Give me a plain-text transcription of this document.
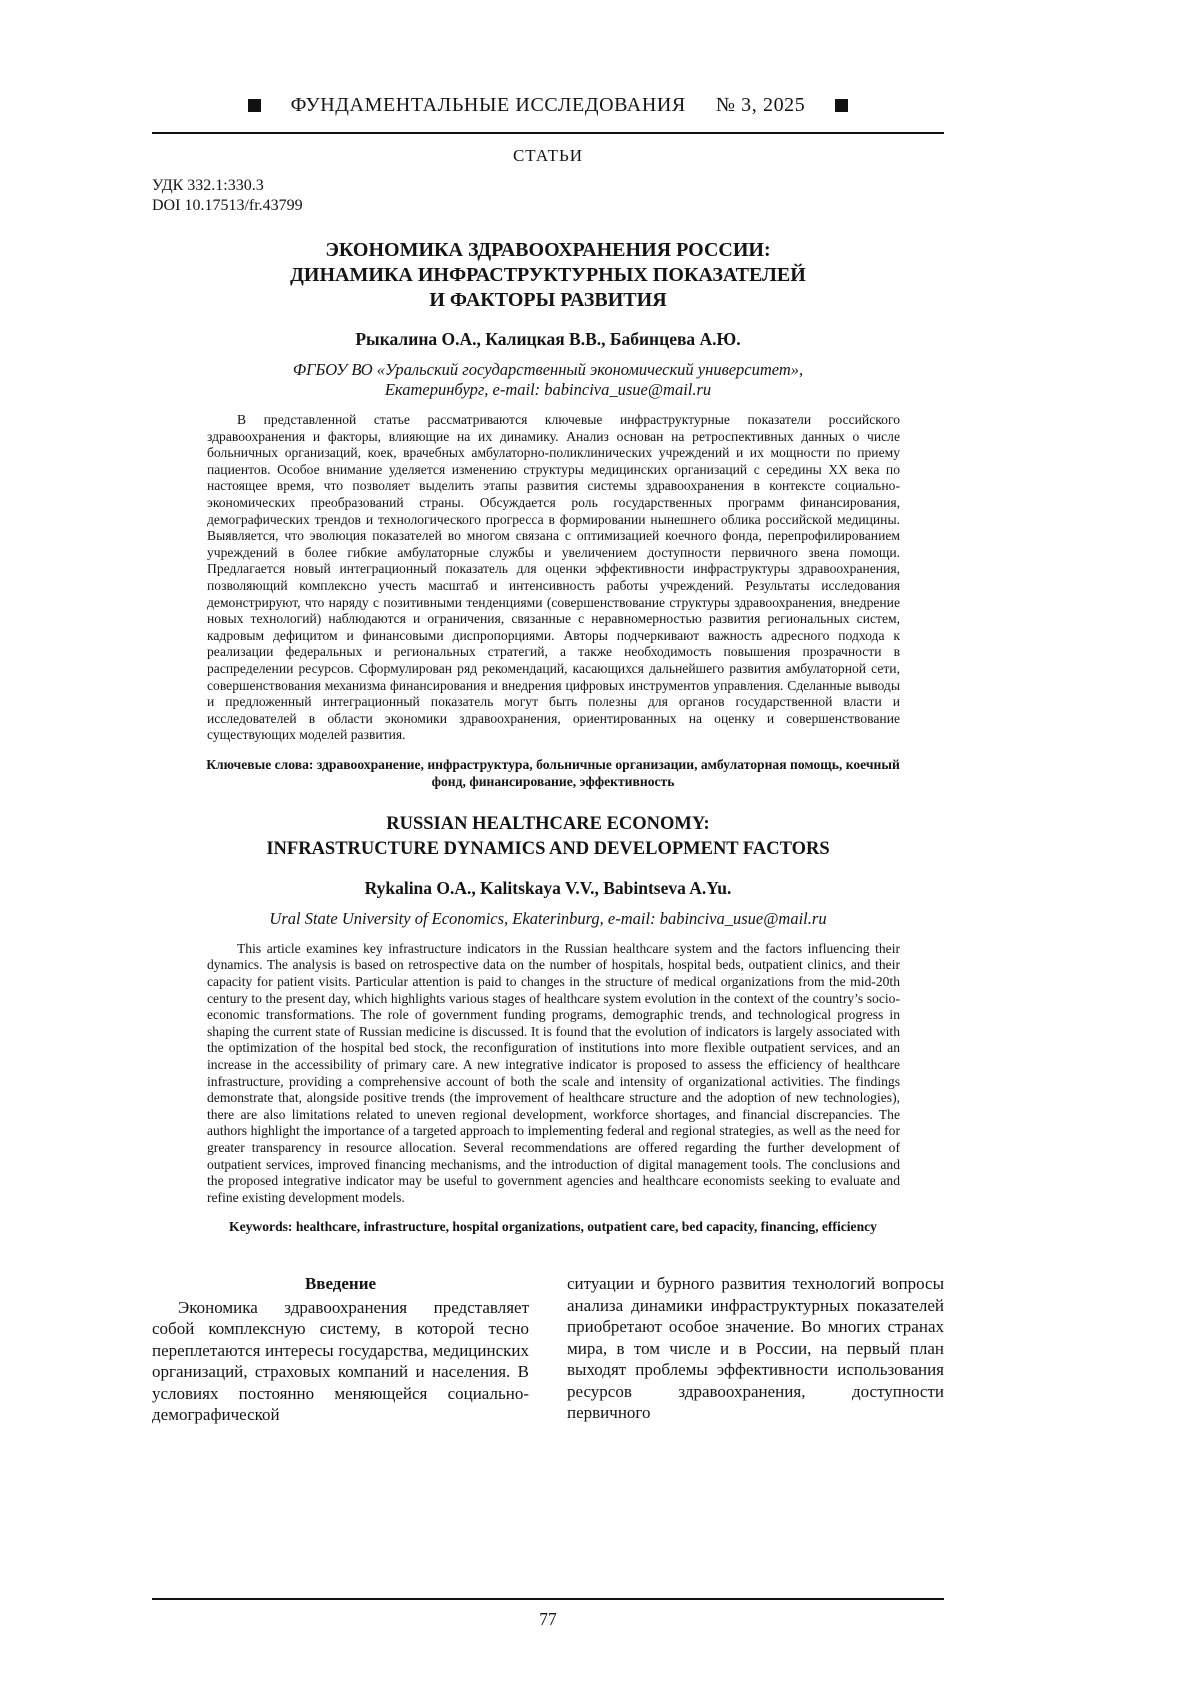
ФУНДАМЕНТАЛЬНЫЕ ИССЛЕДОВАНИЯ № 3, 2025
СТАТЬИ
УДК 332.1:330.3
DOI 10.17513/fr.43799
ЭКОНОМИКА ЗДРАВООХРАНЕНИЯ РОССИИ:
ДИНАМИКА ИНФРАСТРУКТУРНЫХ ПОКАЗАТЕЛЕЙ
И ФАКТОРЫ РАЗВИТИЯ
Рыкалина О.А., Калицкая В.В., Бабинцева А.Ю.
ФГБОУ ВО «Уральский государственный экономический университет»,
Екатеринбург, e-mail: babinciva_usue@mail.ru

В представленной статье рассматриваются ключевые инфраструктурные показатели российского здравоохранения и факторы, влияющие на их динамику. Анализ основан на ретроспективных данных о числе больничных организаций, коек, врачебных амбулаторно-поликлинических учреждений и их мощности по приему пациентов. Особое внимание уделяется изменению структуры медицинских организаций с середины XX века по настоящее время, что позволяет выделить этапы развития системы здравоохранения в контексте социально-экономических преобразований страны. Обсуждается роль государственных программ финансирования, демографических трендов и технологического прогресса в формировании нынешнего облика российской медицины. Выявляется, что эволюция показателей во многом связана с оптимизацией коечного фонда, перепрофилированием учреждений в более гибкие амбулаторные службы и увеличением доступности первичного звена помощи. Предлагается новый интеграционный показатель для оценки эффективности инфраструктуры здравоохранения, позволяющий комплексно учесть масштаб и интенсивность работы учреждений. Результаты исследования демонстрируют, что наряду с позитивными тенденциями (совершенствование структуры здравоохранения, внедрение новых технологий) наблюдаются и ограничения, связанные с неравномерностью развития региональных систем, кадровым дефицитом и финансовыми диспропорциями. Авторы подчеркивают важность адресного подхода к реализации федеральных и региональных стратегий, а также необходимость повышения прозрачности в распределении ресурсов. Сформулирован ряд рекомендаций, касающихся дальнейшего развития амбулаторной сети, совершенствования механизма финансирования и внедрения цифровых инструментов управления. Сделанные выводы и предложенный интеграционный показатель могут быть полезны для органов государственной власти и исследователей в области экономики здравоохранения, ориентированных на оценку и совершенствование существующих моделей развития.

Ключевые слова: здравоохранение, инфраструктура, больничные организации, амбулаторная помощь, коечный фонд, финансирование, эффективность

RUSSIAN HEALTHCARE ECONOMY:
INFRASTRUCTURE DYNAMICS AND DEVELOPMENT FACTORS
Rykalina O.A., Kalitskaya V.V., Babintseva A.Yu.
Ural State University of Economics, Ekaterinburg, e-mail: babinciva_usue@mail.ru

This article examines key infrastructure indicators in the Russian healthcare system and the factors influencing their dynamics. The analysis is based on retrospective data on the number of hospitals, hospital beds, outpatient clinics, and their capacity for patient visits. Particular attention is paid to changes in the structure of medical organizations from the mid-20th century to the present day, which highlights various stages of healthcare system evolution in the context of the country’s socio-economic transformations. The role of government funding programs, demographic trends, and technological progress in shaping the current state of Russian medicine is discussed. It is found that the evolution of indicators is largely associated with the optimization of the hospital bed stock, the reconfiguration of institutions into more flexible outpatient services, and an increase in the accessibility of primary care. A new integrative indicator is proposed to assess the efficiency of healthcare infrastructure, providing a comprehensive account of both the scale and intensity of organizational activities. The findings demonstrate that, alongside positive trends (the improvement of healthcare structure and the adoption of new technologies), there are also limitations related to uneven regional development, workforce shortages, and financial discrepancies. The authors highlight the importance of a targeted approach to implementing federal and regional strategies, as well as the need for greater transparency in resource allocation. Several recommendations are offered regarding the further development of outpatient services, improved financing mechanisms, and the introduction of digital management tools. The conclusions and the proposed integrative indicator may be useful to government agencies and healthcare economists seeking to evaluate and refine existing development models.

Keywords: healthcare, infrastructure, hospital organizations, outpatient care, bed capacity, financing, efficiency

Введение

Экономика здравоохранения представляет собой комплексную систему, в которой тесно переплетаются интересы государства, медицинских организаций, страховых компаний и населения. В условиях постоянно меняющейся социально-демографической

ситуации и бурного развития технологий вопросы анализа динамики инфраструктурных показателей приобретают особое значение. Во многих странах мира, в том числе и в России, на первый план выходят проблемы эффективности использования ресурсов здравоохранения, доступности первичного

77
